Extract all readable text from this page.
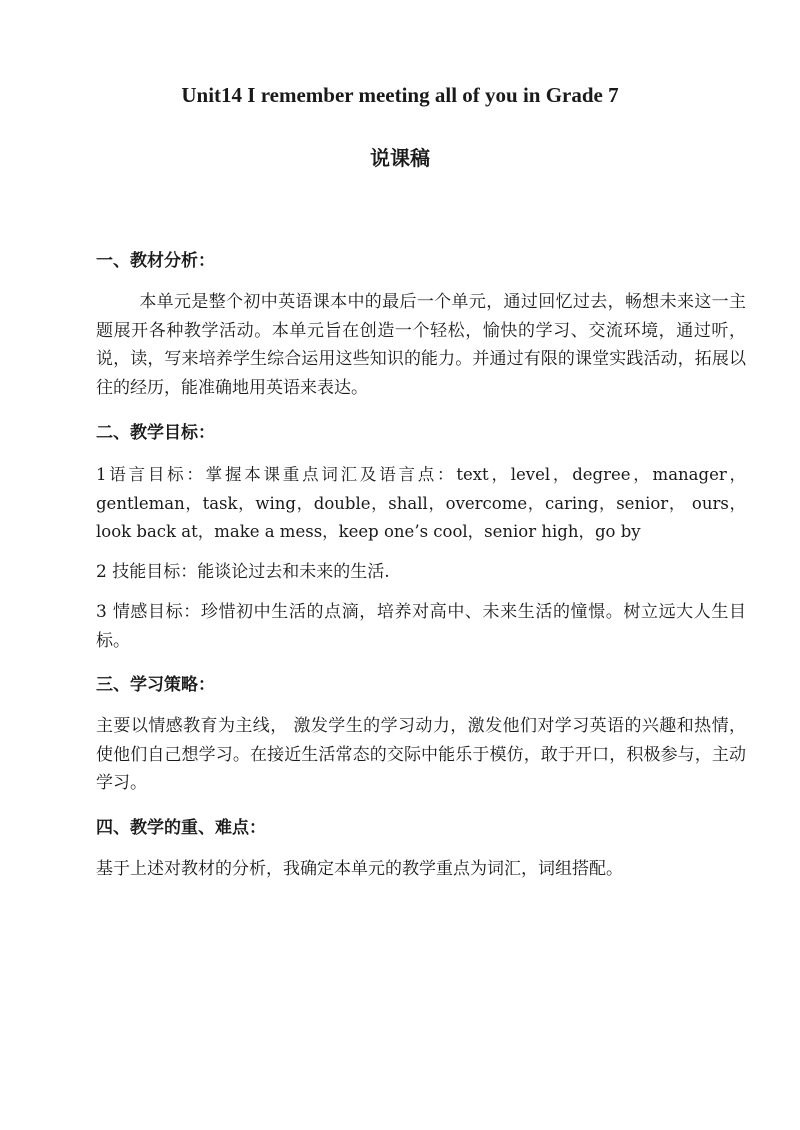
Unit14 I remember meeting all of you in Grade 7
说课稿

一、教材分析：

本单元是整个初中英语课本中的最后一个单元，通过回忆过去，畅想未来这一主题展开各种教学活动。本单元旨在创造一个轻松，愉快的学习、交流环境，通过听，说，读，写来培养学生综合运用这些知识的能力。并通过有限的课堂实践活动，拓展以往的经历，能准确地用英语来表达。

二、教学目标：

1语言目标：掌握本课重点词汇及语言点：text，level，degree，manager，gentleman，task，wing，double，shall，overcome，caring，senior， ours，look back at，make a mess，keep one’s cool，senior high，go by

2 技能目标：能谈论过去和未来的生活.

3 情感目标：珍惜初中生活的点滴，培养对高中、未来生活的憧憬。树立远大人生目标。

三、学习策略：

主要以情感教育为主线， 激发学生的学习动力，激发他们对学习英语的兴趣和热情，使他们自己想学习。在接近生活常态的交际中能乐于模仿，敢于开口，积极参与，主动学习。

四、教学的重、难点：

基于上述对教材的分析，我确定本单元的教学重点为词汇，词组搭配。
